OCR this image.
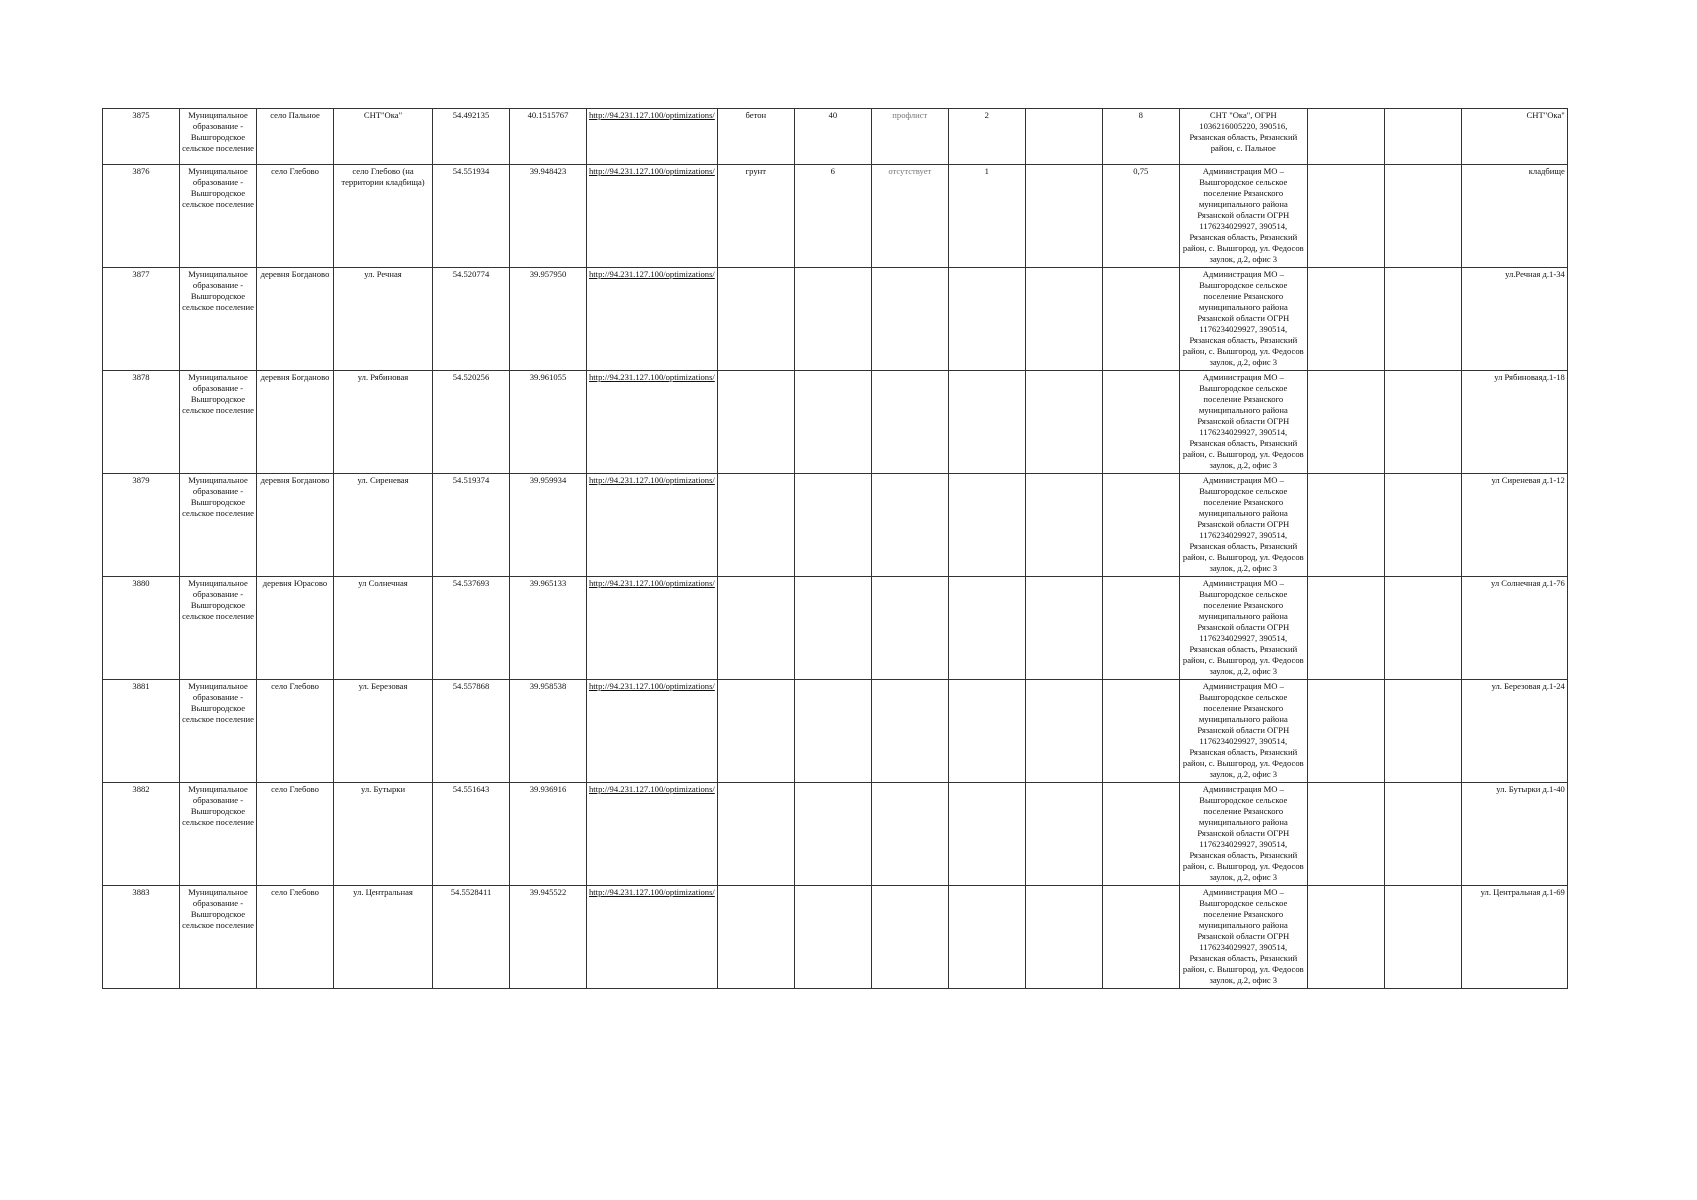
3875	Муниципальное образование - Вышгородское сельское поселение	село Пальное	СНТ"Ока"	54.492135	40.1515767	http://94.231.127.100/optimizations/	бетон	40	профлист	2		8	СНТ "Ока", ОГРН 1036216005220, 390516, Рязанская область, Рязанский район, с. Пальное			СНТ"Ока"
3876	Муниципальное образование - Вышгородское сельское поселение	село Глебово	село Глебово (на территории кладбища)	54.551934	39.948423	http://94.231.127.100/optimizations/	грунт	6	отсутствует	1		0,75	Администрация МО – Вышгородское сельское поселение Рязанского муниципального района Рязанской области ОГРН 1176234029927, 390514, Рязанская область, Рязанский район, с. Вышгород, ул. Федосов заулок, д.2, офис 3			кладбище
3877	Муниципальное образование - Вышгородское сельское поселение	деревня Богдановo	ул. Речная	54.520774	39.957950	http://94.231.127.100/optimizations/							Администрация МО – Вышгородское сельское поселение Рязанского муниципального района Рязанской области ОГРН 1176234029927, 390514, Рязанская область, Рязанский район, с. Вышгород, ул. Федосов заулок, д.2, офис 3			ул.Речная д.1-34
3878	Муниципальное образование - Вышгородское сельское поселение	деревня Богданово	ул. Рябиновая	54.520256	39.961055	http://94.231.127.100/optimizations/							Администрация МО – Вышгородское сельское поселение Рязанского муниципального района Рязанской области ОГРН 1176234029927, 390514, Рязанская область, Рязанский район, с. Вышгород, ул. Федосов заулок, д.2, офис 3			ул Рябиноваяд.1-18
3879	Муниципальное образование - Вышгородское сельское поселение	деревня Богданово	ул. Сиреневая	54.519374	39.959934	http://94.231.127.100/optimizations/							Администрация МО – Вышгородское сельское поселение Рязанского муниципального района Рязанской области ОГРН 1176234029927, 390514, Рязанская область, Рязанский район, с. Вышгород, ул. Федосов заулок, д.2, офис 3			ул Сиреневая д.1-12
3880	Муниципальное образование - Вышгородское сельское поселение	деревня Юрасово	ул Солнечная	54.537693	39.965133	http://94.231.127.100/optimizations/							Администрация МО – Вышгородское сельское поселение Рязанского муниципального района Рязанской области ОГРН 1176234029927, 390514, Рязанская область, Рязанский район, с. Вышгород, ул. Федосов заулок, д.2, офис 3			ул Солнечная д.1-76
3881	Муниципальное образование - Вышгородское сельское поселение	село Глебово	ул. Березовая	54.557868	39.958538	http://94.231.127.100/optimizations/							Администрация МО – Вышгородское сельское поселение Рязанского муниципального района Рязанской области ОГРН 1176234029927, 390514, Рязанская область, Рязанский район, с. Вышгород, ул. Федосов заулок, д.2, офис 3			ул. Березовая д.1-24
3882	Муниципальное образование - Вышгородское сельское поселение	село Глебово	ул. Бутырки	54.551643	39.936916	http://94.231.127.100/optimizations/							Администрация МО – Вышгородское сельское поселение Рязанского муниципального района Рязанской области ОГРН 1176234029927, 390514, Рязанская область, Рязанский район, с. Вышгород, ул. Федосов заулок, д.2, офис 3			ул. Бутырки д.1-40
3883	Муниципальное образование - Вышгородское сельское поселение	село Глебово	ул. Центральная	54.5528411	39.945522	http://94.231.127.100/optimizations/							Администрация МО – Вышгородское сельское поселение Рязанского муниципального района Рязанской области ОГРН 1176234029927, 390514, Рязанская область, Рязанский район, с. Вышгород, ул. Федосов заулок, д.2, офис 3			ул. Центральная д.1-69
